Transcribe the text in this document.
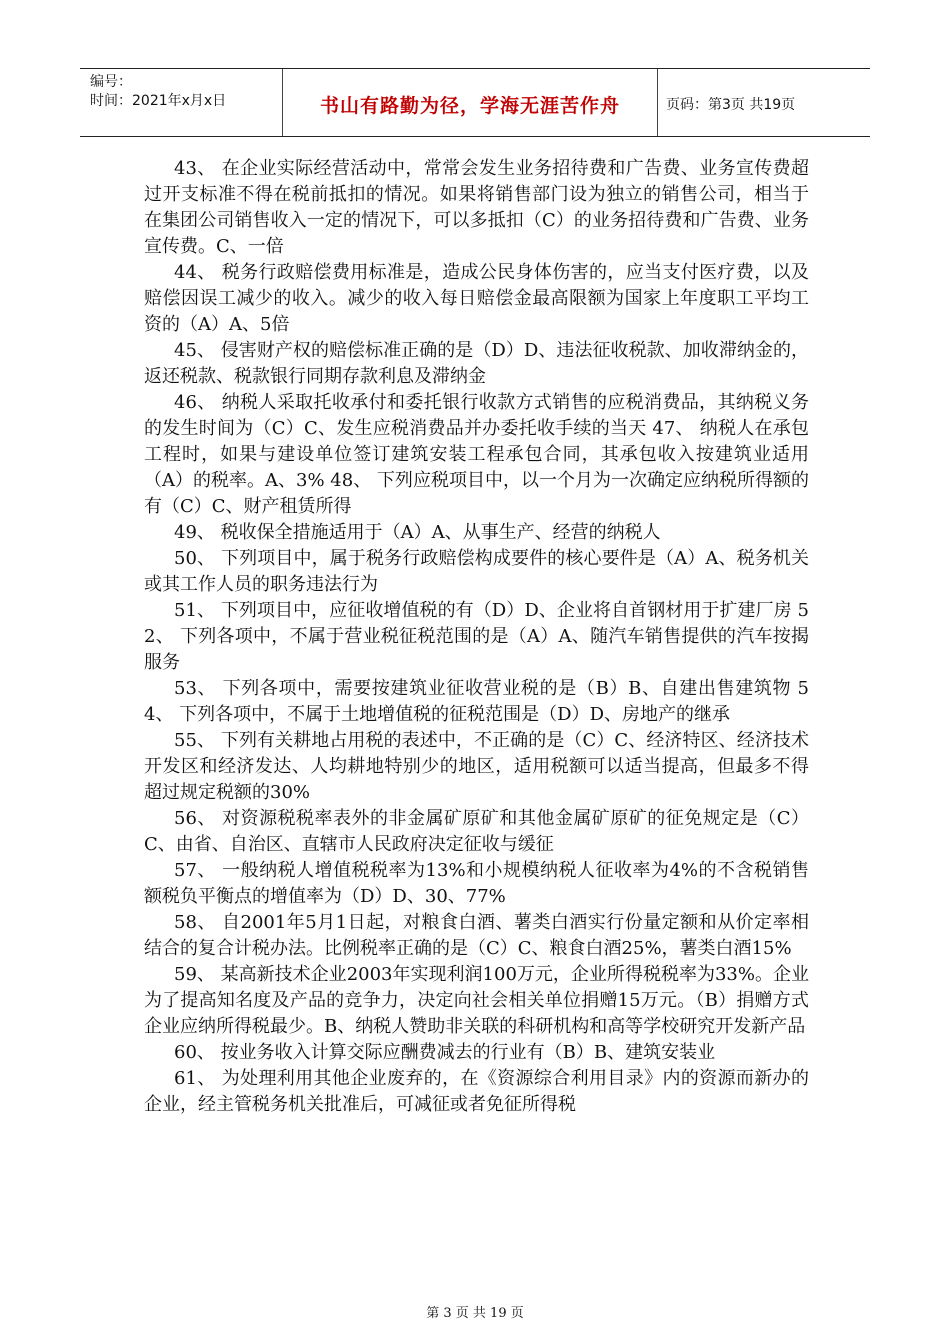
编号：
时间：2021年x月x日	书山有路勤为径，学海无涯苦作舟	页码：第3页 共19页

43、 在企业实际经营活动中，常常会发生业务招待费和广告费、业务宣传费超过开支标准不得在税前抵扣的情况。如果将销售部门设为独立的销售公司，相当于在集团公司销售收入一定的情况下，可以多抵扣（C）的业务招待费和广告费、业务宣传费。C、一倍

44、 税务行政赔偿费用标准是，造成公民身体伤害的，应当支付医疗费，以及赔偿因误工减少的收入。减少的收入每日赔偿金最高限额为国家上年度职工平均工资的（A）A、5倍

45、 侵害财产权的赔偿标准正确的是（D）D、违法征收税款、加收滞纳金的，返还税款、税款银行同期存款利息及滞纳金

46、 纳税人采取托收承付和委托银行收款方式销售的应税消费品，其纳税义务的发生时间为（C）C、发生应税消费品并办委托收手续的当天 47、 纳税人在承包工程时，如果与建设单位签订建筑安装工程承包合同，其承包收入按建筑业适用（A）的税率。A、3% 48、 下列应税项目中，以一个月为一次确定应纳税所得额的有（C）C、财产租赁所得

49、 税收保全措施适用于（A）A、从事生产、经营的纳税人

50、 下列项目中，属于税务行政赔偿构成要件的核心要件是（A）A、税务机关或其工作人员的职务违法行为

51、 下列项目中，应征收增值税的有（D）D、企业将自首钢材用于扩建厂房 52、 下列各项中，不属于营业税征税范围的是（A）A、随汽车销售提供的汽车按揭服务

53、 下列各项中，需要按建筑业征收营业税的是（B）B、自建出售建筑物 54、 下列各项中，不属于土地增值税的征税范围是（D）D、房地产的继承

55、 下列有关耕地占用税的表述中，不正确的是（C）C、经济特区、经济技术开发区和经济发达、人均耕地特别少的地区，适用税额可以适当提高，但最多不得超过规定税额的30%

56、 对资源税税率表外的非金属矿原矿和其他金属矿原矿的征免规定是（C）C、由省、自治区、直辖市人民政府决定征收与缓征

57、 一般纳税人增值税税率为13%和小规模纳税人征收率为4%的不含税销售额税负平衡点的增值率为（D）D、30、77%

58、 自2001年5月1日起，对粮食白酒、薯类白酒实行份量定额和从价定率相结合的复合计税办法。比例税率正确的是（C）C、粮食白酒25%，薯类白酒15%

59、 某高新技术企业2003年实现利润100万元，企业所得税税率为33%。企业为了提高知名度及产品的竞争力，决定向社会相关单位捐赠15万元。（B）捐赠方式企业应纳所得税最少。B、纳税人赞助非关联的科研机构和高等学校研究开发新产品

60、 按业务收入计算交际应酬费减去的行业有（B）B、建筑安装业

61、 为处理利用其他企业废弃的，在《资源综合利用目录》内的资源而新办的企业，经主管税务机关批准后，可减征或者免征所得税

第 3 页 共 19 页
